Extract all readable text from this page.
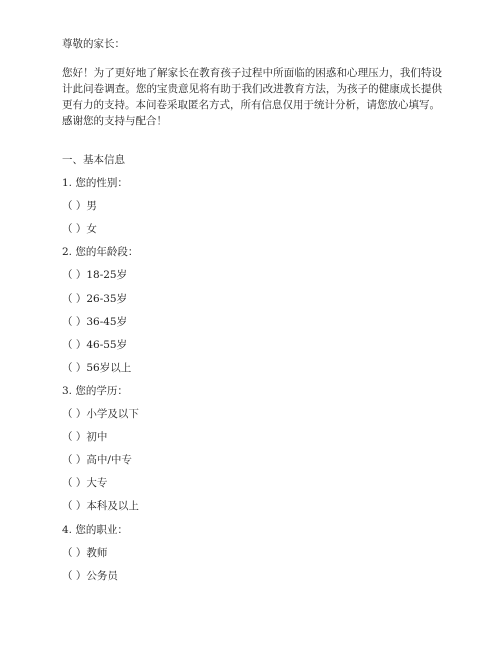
尊敬的家长：

您好！为了更好地了解家长在教育孩子过程中所面临的困惑和心理压力，我们特设计此问卷调查。您的宝贵意见将有助于我们改进教育方法，为孩子的健康成长提供更有力的支持。本问卷采取匿名方式，所有信息仅用于统计分析，请您放心填写。

感谢您的支持与配合！

一、基本信息
1. 您的性别：
（ ）男
（ ）女
2. 您的年龄段：
（ ）18-25岁
（ ）26-35岁
（ ）36-45岁
（ ）46-55岁
（ ）56岁以上
3. 您的学历：
（ ）小学及以下
（ ）初中
（ ）高中/中专
（ ）大专
（ ）本科及以上
4. 您的职业：
（ ）教师
（ ）公务员
